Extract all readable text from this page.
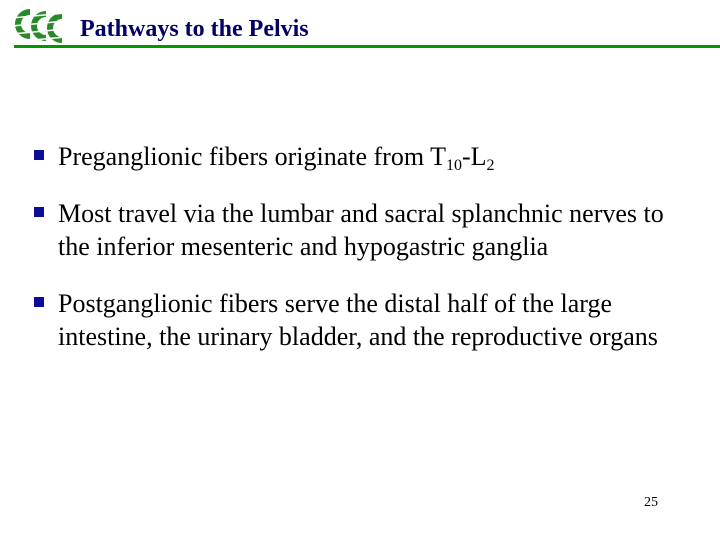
Pathways to the Pelvis
Preganglionic fibers originate from $T_{10}-L_2$
Most travel via the lumbar and sacral splanchnic nerves to the inferior mesenteric and hypogastric ganglia
Postganglionic fibers serve the distal half of the large intestine, the urinary bladder, and the reproductive organs
25
